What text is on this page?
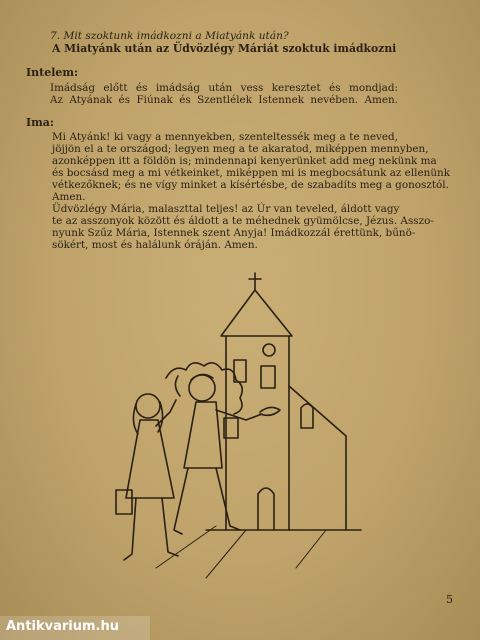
7. Mit szoktunk imádkozni a Miatyánk után?
A Miatyánk után az Üdvözlégy Máriát szoktuk imádkozni
Intelem:
Imádság előtt és imádság után vess keresztet és mondjad:
Az Atyának és Fiúnak és Szentlélek Istennek nevében. Amen.
Ima:
Mi Atyánk! ki vagy a mennyekben, szenteltessék meg a te neved,
jöjjön el a te országod; legyen meg a te akaratod, miképpen mennyben,
azonképpen itt a földön is; mindennapi kenyerünket add meg nekünk ma
és bocsásd meg a mi vétkeinket, miképpen mi is megbocsátunk az ellenünk
vétkezőknek; és ne vígy minket a kísértésbe, de szabadíts meg a gonosztól.
Amen.
Üdvözlégy Mária, malaszttal teljes! az Úr van teveled, áldott vagy
te az asszonyok között és áldott a te méhednek gyümölcse, Jézus. Asszo-
nyunk Szűz Mária, Istennek szent Anyja! Imádkozzál érettünk, bűnö-
sökért, most és halálunk óráján. Amen.
5
Antikvarium.hu
